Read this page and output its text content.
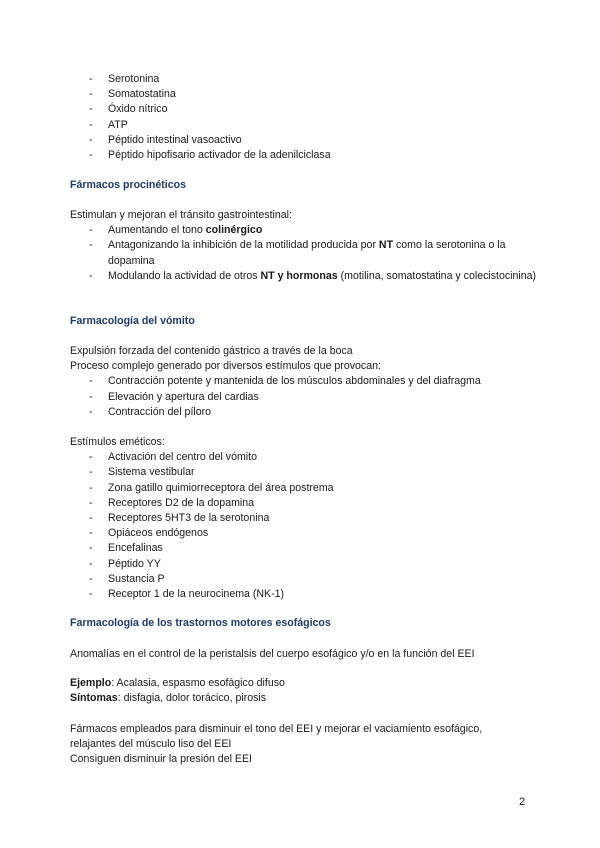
- Serotonina
- Somatostatina
- Óxido nítrico
- ATP
- Péptido intestinal vasoactivo
- Péptido hipofisario activador de la adenilciclasa
Fármacos procinéticos

Estimulan y mejoran el tránsito gastrointestinal:

- Aumentando el tono colinérgico
- Antagonizando la inhibición de la motilidad producida por NT como la serotonina o la dopamina
- Modulando la actividad de otros NT y hormonas (motilina, somatostatina y colecistocinina)
Farmacología del vómito

Expulsión forzada del contenido gástrico a través de la boca

Proceso complejo generado por diversos estímulos que provocan:

- Contracción potente y mantenida de los músculos abdominales y del diafragma
- Elevación y apertura del cardias
- Contracción del píloro

Estímulos eméticos:

- Activación del centro del vómito
- Sistema vestibular
- Zona gatillo quimiorreceptora del área postrema
- Receptores D2 de la dopamina
- Receptores 5HT3 de la serotonina
- Opiáceos endógenos
- Encefalinas
- Péptido YY
- Sustancia P
- Receptor 1 de la neurocinema (NK-1)
Farmacología de los trastornos motores esofágicos
Anomalías en el control de la peristalsis del cuerpo esofágico y/o en la función del EEI

Ejemplo: Acalasia, espasmo esofágico difuso

Síntomas: disfagia, dolor torácico, pirosis

Fármacos empleados para disminuir el tono del EEI y mejorar el vaciamiento esofágico,

relajantes del músculo liso del EEI

Consiguen disminuir la presión del EEI

2
